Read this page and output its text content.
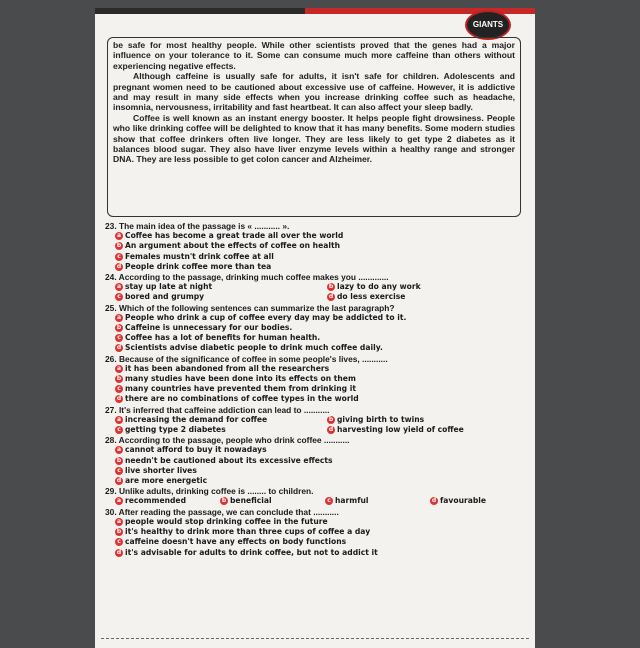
GIANTS

be safe for most healthy people. While other scientists proved that the genes had a major influence on your tolerance to it. Some can consume much more caffeine than others without experiencing negative effects.

Although caffeine is usually safe for adults, it isn't safe for children. Adolescents and pregnant women need to be cautioned about excessive use of caffeine. However, it is addictive and may result in many side effects when you increase drinking coffee such as headache, insomnia, nervousness, irritability and fast heartbeat. It can also affect your sleep badly.

Coffee is well known as an instant energy booster. It helps people fight drowsiness. People who like drinking coffee will be delighted to know that it has many benefits. Some modern studies show that coffee drinkers often live longer. They are less likely to get type 2 diabetes as it balances blood sugar. They also have liver enzyme levels within a healthy range and stronger DNA. They are less possible to get colon cancer and Alzheimer.

23. The main idea of the passage is « ........... ».

a Coffee has become a great trade all over the world
b An argument about the effects of coffee on health
c Females mustn't drink coffee at all
d People drink coffee more than tea

24. According to the passage, drinking much coffee makes you .............

a stay up late at night	b lazy to do any work
c bored and grumpy	d do less exercise

25. Which of the following sentences can summarize the last paragraph?

a People who drink a cup of coffee every day may be addicted to it.
b Caffeine is unnecessary for our bodies.
c Coffee has a lot of benefits for human health.
d Scientists advise diabetic people to drink much coffee daily.

26. Because of the significance of coffee in some people's lives, ...........

a it has been abandoned from all the researchers
b many studies have been done into its effects on them
c many countries have prevented them from drinking it
d there are no combinations of coffee types in the world

27. It's inferred that caffeine addiction can lead to ...........

a increasing the demand for coffee	b giving birth to twins
c getting type 2 diabetes	d harvesting low yield of coffee

28. According to the passage, people who drink coffee ...........

a cannot afford to buy it nowadays
b needn't be cautioned about its excessive effects
c live shorter lives
d are more energetic

29. Unlike adults, drinking coffee is ........ to children.

a recommended	b beneficial	c harmful	d favourable

30. After reading the passage, we can conclude that ...........

a people would stop drinking coffee in the future
b it's healthy to drink more than three cups of coffee a day
c caffeine doesn't have any effects on body functions
d it's advisable for adults to drink coffee, but not to addict it
